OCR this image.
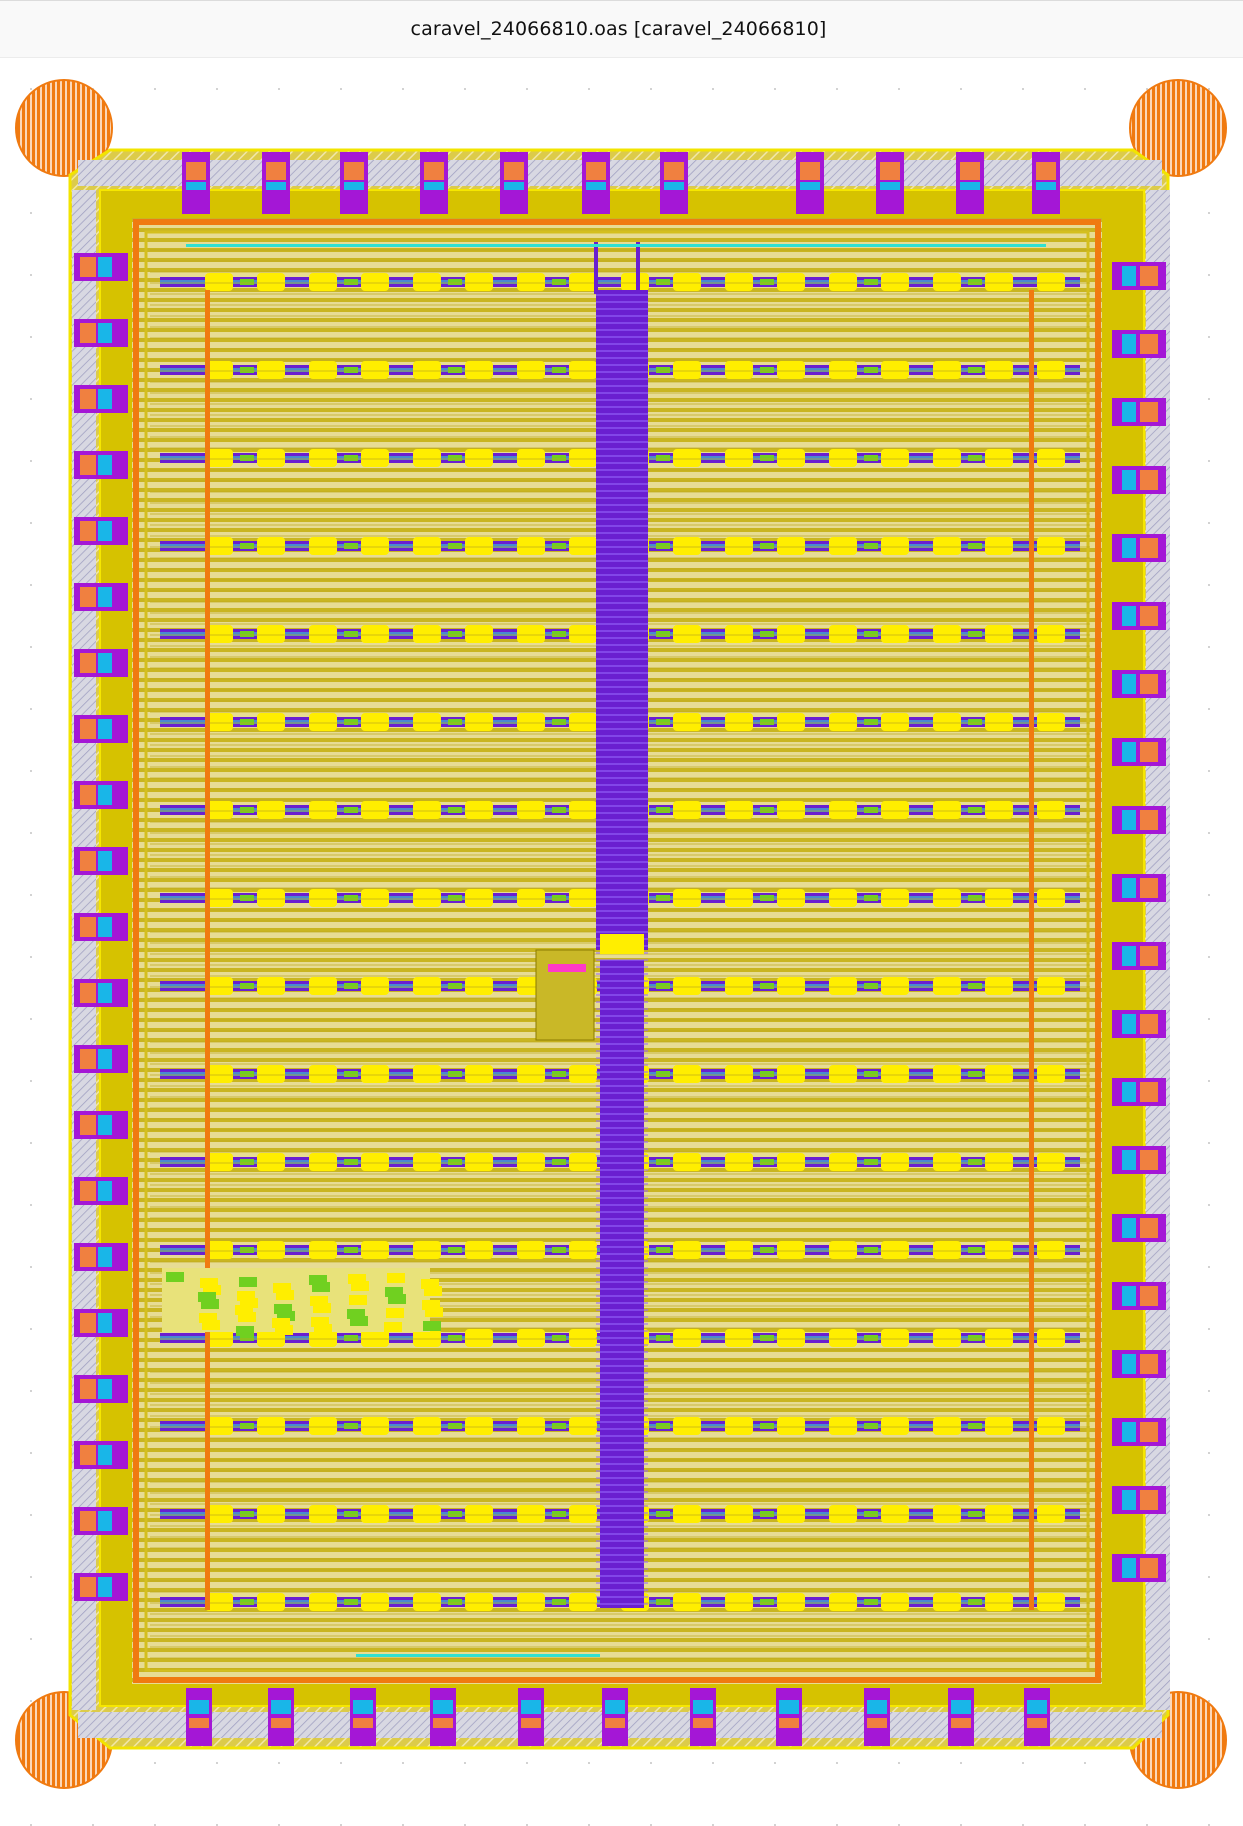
caravel_24066810.oas [caravel_24066810]
